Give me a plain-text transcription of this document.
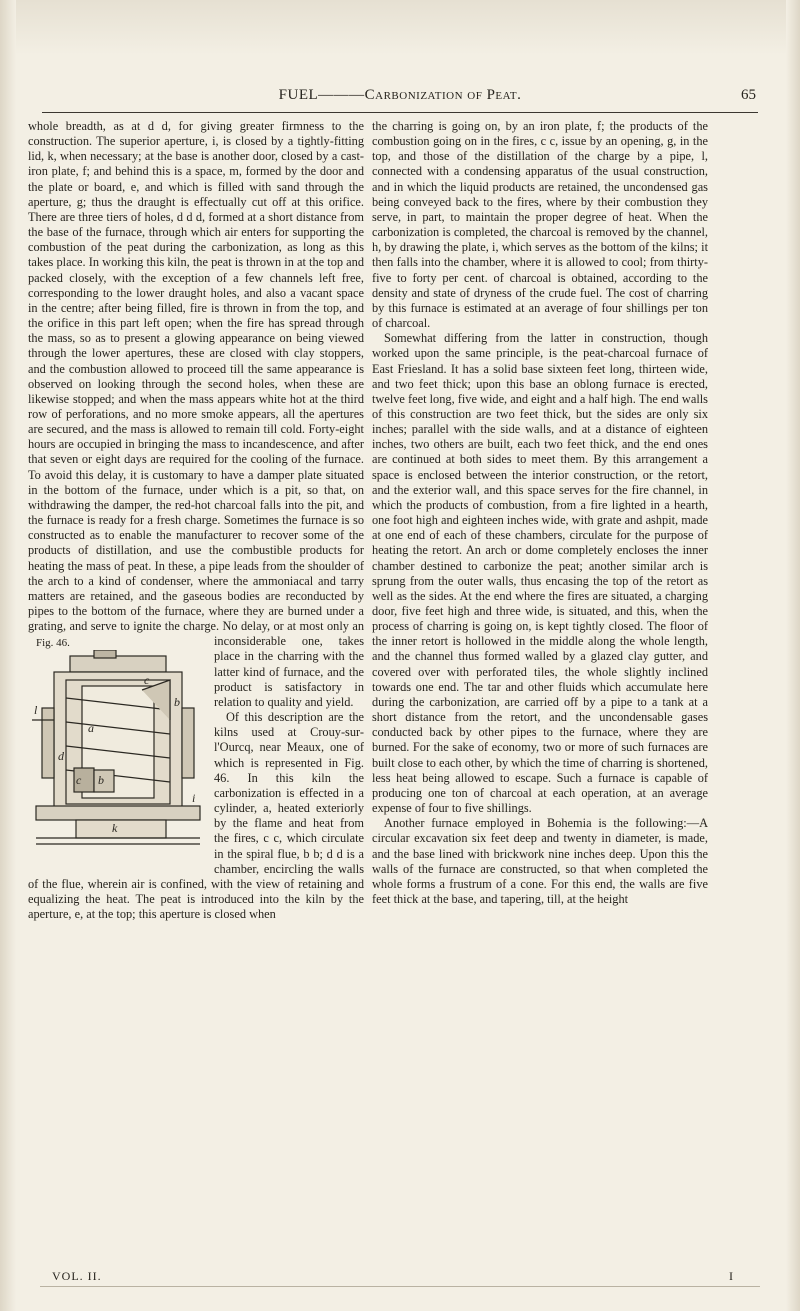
FUEL———Carbonization of Peat.	65

whole breadth, as at d d, for giving greater firmness to the construction. The superior aperture, i, is closed by a tightly-fitting lid, k, when necessary; at the base is another door, closed by a cast-iron plate, f; and behind this is a space, m, formed by the door and the plate or board, e, and which is filled with sand through the aperture, g; thus the draught is effectually cut off at this orifice. There are three tiers of holes, d d d, formed at a short distance from the base of the furnace, through which air enters for supporting the combustion of the peat during the carbonization, as long as this takes place. In working this kiln, the peat is thrown in at the top and packed closely, with the exception of a few channels left free, corresponding to the lower draught holes, and also a vacant space in the centre; after being filled, fire is thrown in from the top, and the orifice in this part left open; when the fire has spread through the mass, so as to present a glowing appearance on being viewed through the lower apertures, these are closed with clay stoppers, and the combustion allowed to proceed till the same appearance is observed on looking through the second holes, when these are likewise stopped; and when the mass appears white hot at the third row of perforations, and no more smoke appears, all the apertures are secured, and the mass is allowed to remain till cold. Forty-eight hours are occupied in bringing the mass to incandescence, and after that seven or eight days are required for the cooling of the furnace. To avoid this delay, it is customary to have a damper plate situated in the bottom of the furnace, under which is a pit, so that, on withdrawing the damper, the red-hot charcoal falls into the pit, and the furnace is ready for a fresh charge. Sometimes the furnace is so constructed as to enable the manufacturer to recover some of the products of distillation, and use the combustible products for heating the mass of peat. In these, a pipe leads from the shoulder of the arch to a kind of condenser, where the ammoniacal and tarry matters are retained, and the gaseous bodies are reconducted by pipes to the bottom of the furnace, where they are burned under a grating, and serve to ignite the charge. No delay, or at most
Fig. 46.
c
a
c b
b
k
d
l
i
only an inconsiderable one, takes place in the charring with the latter kind of furnace, and the product is satisfactory in relation to quality and yield.

Of this description are the kilns used at Crouy-sur-l'Ourcq, near Meaux, one of which is represented in Fig. 46. In this kiln the carbonization is effected in a cylinder, a, heated exteriorly by the flame and heat from the fires, c c, which circulate in the spiral flue, b b; d d is a chamber, encircling the walls of the flue, wherein air is confined, with the view of retaining and equalizing the heat. The peat is introduced into the kiln by the aperture, e, at the top; this aperture is closed when

the charring is going on, by an iron plate, f; the products of the combustion going on in the fires, c c, issue by an opening, g, in the top, and those of the distillation of the charge by a pipe, l, connected with a condensing apparatus of the usual construction, and in which the liquid products are retained, the uncondensed gas being conveyed back to the fires, where by their combustion they serve, in part, to maintain the proper degree of heat. When the carbonization is completed, the charcoal is removed by the channel, h, by drawing the plate, i, which serves as the bottom of the kilns; it then falls into the chamber, where it is allowed to cool; from thirty-five to forty per cent. of charcoal is obtained, according to the density and state of dryness of the crude fuel. The cost of charring by this furnace is estimated at an average of four shillings per ton of charcoal.

Somewhat differing from the latter in construction, though worked upon the same principle, is the peat-charcoal furnace of East Friesland. It has a solid base sixteen feet long, thirteen wide, and two feet thick; upon this base an oblong furnace is erected, twelve feet long, five wide, and eight and a half high. The end walls of this construction are two feet thick, but the sides are only six inches; parallel with the side walls, and at a distance of eighteen inches, two others are built, each two feet thick, and the end ones are continued at both sides to meet them. By this arrangement a space is enclosed between the interior construction, or the retort, and the exterior wall, and this space serves for the fire channel, in which the products of combustion, from a fire lighted in a hearth, one foot high and eighteen inches wide, with grate and ashpit, made at one end of each of these chambers, circulate for the purpose of heating the retort. An arch or dome completely encloses the inner chamber destined to carbonize the peat; another similar arch is sprung from the outer walls, thus encasing the top of the retort as well as the sides. At the end where the fires are situated, a charging door, five feet high and three wide, is situated, and this, when the process of charring is going on, is kept tightly closed. The floor of the inner retort is hollowed in the middle along the whole length, and the channel thus formed walled by a glazed clay gutter, and covered over with perforated tiles, the whole slightly inclined towards one end. The tar and other fluids which accumulate here during the carbonization, are carried off by a pipe to a tank at a short distance from the retort, and the uncondensable gases conducted back by other pipes to the furnace, where they are burned. For the sake of economy, two or more of such furnaces are built close to each other, by which the time of charring is shortened, less heat being allowed to escape. Such a furnace is capable of producing one ton of charcoal at each operation, at an average expense of four to five shillings.

Another furnace employed in Bohemia is the following:—A circular excavation six feet deep and twenty in diameter, is made, and the base lined with brickwork nine inches deep. Upon this the walls of the furnace are constructed, so that when completed the whole forms a frustrum of a cone. For this end, the walls are five feet thick at the base, and tapering, till, at the height

VOL. II.	I
